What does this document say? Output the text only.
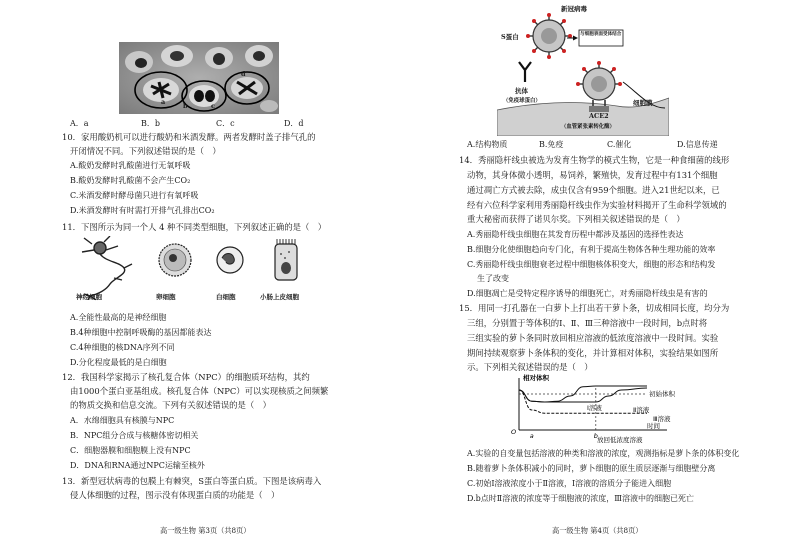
a	b	c
d
A．a	B．b	C．c	D．d
10．家用酸奶机可以进行酸奶和米酒发酵。两者发酵时盖子排气孔的
开闭情况不同。下列叙述错误的是（　）
A.酸奶发酵时乳酸菌进行无氧呼吸
B.酸奶发酵时乳酸菌不会产生CO₂
C.米酒发酵时酵母菌只进行有氧呼吸
D.米酒发酵时有时需打开排气孔排出CO₂
11．下图所示为同一个人 4 种不同类型细胞，下列叙述正确的是（　）
神经细胞	卵细胞	白细胞	小肠上皮细胞
A.全能性最高的是神经细胞
B.4种细胞中控制呼吸酶的基因都能表达
C.4种细胞的核DNA序列不同
D.分化程度最低的是白细胞
12．我国科学家揭示了核孔复合体（NPC）的细胞质环结构，其约
由1000个蛋白亚基组成。核孔复合体（NPC）可以实现核质之间频繁
的物质交换和信息交流。下列有关叙述错误的是（　）
A．水绵细胞具有核膜与NPC
B．NPC组分合成与核糖体密切相关
C．细胞器膜和细胞膜上没有NPC
D．DNA和RNA通过NPC运输至核外
13．新型冠状病毒的包膜上有棘突，S蛋白等蛋白质。下图是该病毒入
侵人体细胞的过程，图示没有体现蛋白质的功能是（　）
高一级生物 第3页（共8页）
新冠病毒
S蛋白	与细胞表面受体结合
抗体
（免疫球蛋白）
ACE2
（血管紧张素转化酶）
细胞膜
A.结构物质	B.免疫	C.催化	D.信息传递
14．秀丽隐杆线虫被选为发育生物学的模式生物，它是一种食细菌的线形
动物，其身体微小透明，易饲养，繁殖快，发育过程中有131个细胞
通过凋亡方式被去除，成虫仅含有959个细胞。进入21世纪以来，已
经有六位科学家利用秀丽隐杆线虫作为实验材料揭开了生命科学领域的
重大秘密而获得了诺贝尔奖。下列相关叙述错误的是（　）
A.秀丽隐杆线虫细胞在其发育历程中都涉及基因的选择性表达
B.细胞分化使细胞趋向专门化，有利于提高生物体各种生理功能的效率
C.秀丽隐杆线虫细胞衰老过程中细胞核体积变大，细胞的形态和结构发
生了改变
D.细胞凋亡是受特定程序诱导的细胞死亡，对秀丽隐杆线虫是有害的
15．用同一打孔器在一白萝卜上打出若干萝卜条，切成相同长度，均分为
三组，分别置于等体积的Ⅰ、Ⅱ、Ⅲ三种溶液中一段时间，b点时将
三组实验的萝卜条同时放回相应溶液的低浓度溶液中一段时间。实验
期间持续观察萝卜条体积的变化，并计算相对体积，实验结果如图所
示。下列相关叙述错误的是（　）
相对体积
时间
O a	b
初始体积
放回低浓度溶液
Ⅰ溶液	Ⅱ溶液
Ⅲ溶液
A.实验的自变量包括溶液的种类和溶液的浓度，观测指标是萝卜条的体积变化
B.随着萝卜条体积减小的同时，萝卜细胞的原生质层逐渐与细胞壁分离
C.初始Ⅰ溶液浓度小于Ⅱ溶液，Ⅰ溶液的溶质分子能进入细胞
D.b点时Ⅱ溶液的浓度等于细胞液的浓度，Ⅲ溶液中的细胞已死亡
高一级生物 第4页（共8页）
